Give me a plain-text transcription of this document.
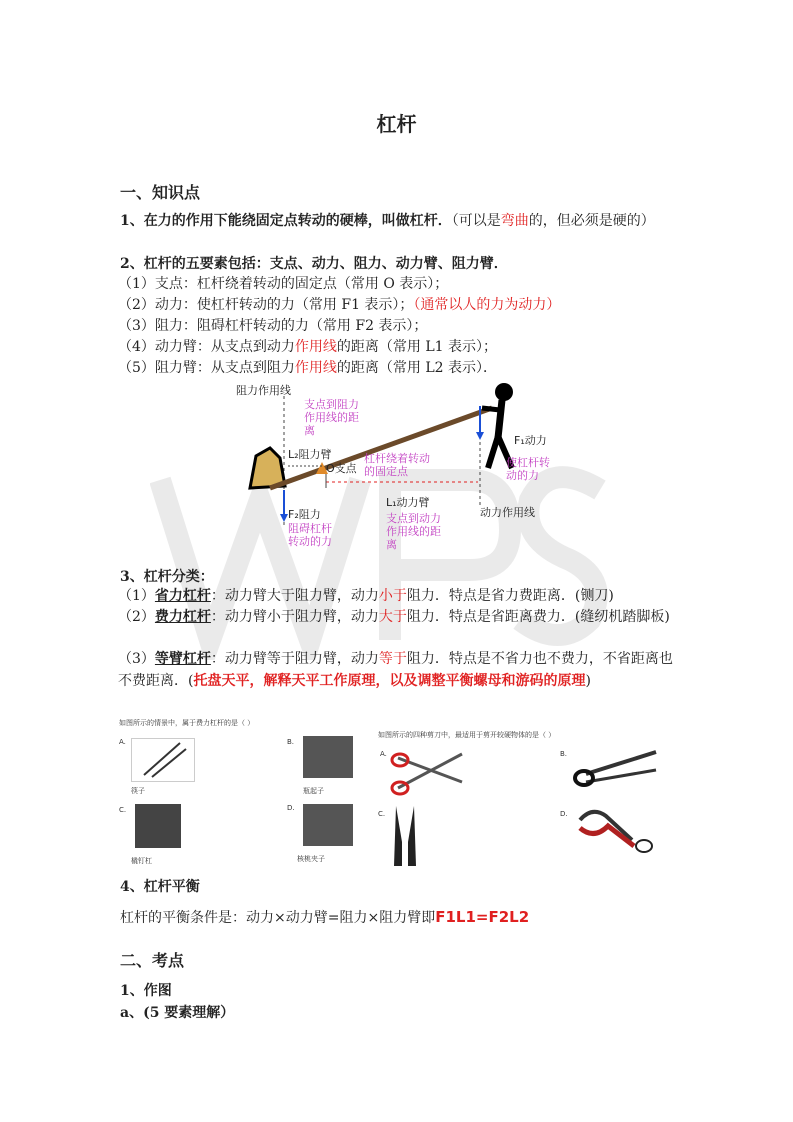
杠杆
一、知识点
1、在力的作用下能绕固定点转动的硬棒，叫做杠杆．（可以是弯曲的，但必须是硬的）
2、杠杆的五要素包括：支点、动力、阻力、动力臂、阻力臂．
（1）支点：杠杆绕着转动的固定点（常用 O 表示）；
（2）动力：使杠杆转动的力（常用 F1 表示）；（通常以人的力为动力）
（3）阻力：阻碍杠杆转动的力（常用 F2 表示）；
（4）动力臂：从支点到动力作用线的距离（常用 L1 表示）；
（5）阻力臂：从支点到阻力作用线的距离（常用 L2 表示）．
阻力作用线
支点到阻力作用线的距离
L₂阻力臂
O支点
杠杆绕着转动的固定点
F₁动力
使杠杆转动的力
L₁动力臂
动力作用线
F₂阻力
阻碍杠杆转动的力
支点到动力作用线的距离
3、杠杆分类：
（1）省力杠杆：动力臂大于阻力臂，动力小于阻力．特点是省力费距离．(铡刀)
（2）费力杠杆：动力臂小于阻力臂，动力大于阻力．特点是省距离费力．(缝纫机踏脚板)
（3）等臂杠杆：动力臂等于阻力臂，动力等于阻力．特点是不省力也不费力，不省距离也不费距离．(托盘天平，解释天平工作原理，以及调整平衡螺母和游码的原理)
如图所示的情景中，属于费力杠杆的是（ ）
A.
筷子
B.
瓶起子
C.
橇钉杠
D.
核桃夹子
如图所示的四种剪刀中，最适用于剪开较硬物体的是（ ）
A.	B.
C.	D.
4、杠杆平衡
杠杆的平衡条件是：动力×动力臂=阻力×阻力臂即F1L1=F2L2
二、考点
1、作图
a、(5 要素理解）
